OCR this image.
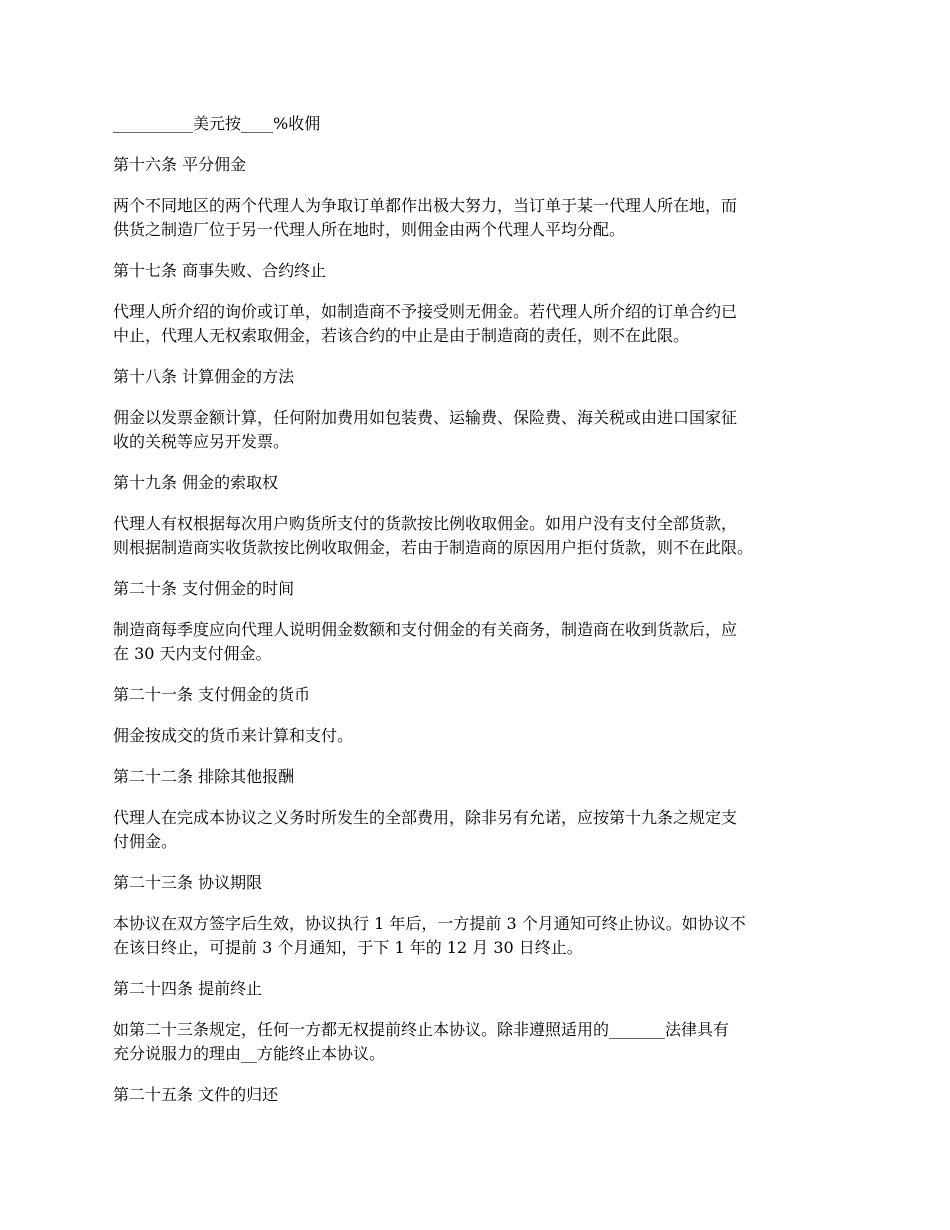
__________美元按____%收佣

第十六条 平分佣金

两个不同地区的两个代理人为争取订单都作出极大努力，当订单于某一代理人所在地，而

供货之制造厂位于另一代理人所在地时，则佣金由两个代理人平均分配。

第十七条 商事失败、合约终止

代理人所介绍的询价或订单，如制造商不予接受则无佣金。若代理人所介绍的订单合约已

中止，代理人无权索取佣金，若该合约的中止是由于制造商的责任，则不在此限。

第十八条 计算佣金的方法

佣金以发票金额计算，任何附加费用如包装费、运输费、保险费、海关税或由进口国家征

收的关税等应另开发票。

第十九条 佣金的索取权

代理人有权根据每次用户购货所支付的货款按比例收取佣金。如用户没有支付全部货款，

则根据制造商实收货款按比例收取佣金，若由于制造商的原因用户拒付货款，则不在此限。

第二十条 支付佣金的时间

制造商每季度应向代理人说明佣金数额和支付佣金的有关商务，制造商在收到货款后，应

在 30 天内支付佣金。

第二十一条 支付佣金的货币

佣金按成交的货币来计算和支付。

第二十二条 排除其他报酬

代理人在完成本协议之义务时所发生的全部费用，除非另有允诺，应按第十九条之规定支

付佣金。

第二十三条 协议期限

本协议在双方签字后生效，协议执行 1 年后，一方提前 3 个月通知可终止协议。如协议不

在该日终止，可提前 3 个月通知，于下 1 年的 12 月 30 日终止。

第二十四条 提前终止

如第二十三条规定，任何一方都无权提前终止本协议。除非遵照适用的_______法律具有

充分说服力的理由__方能终止本协议。

第二十五条 文件的归还
